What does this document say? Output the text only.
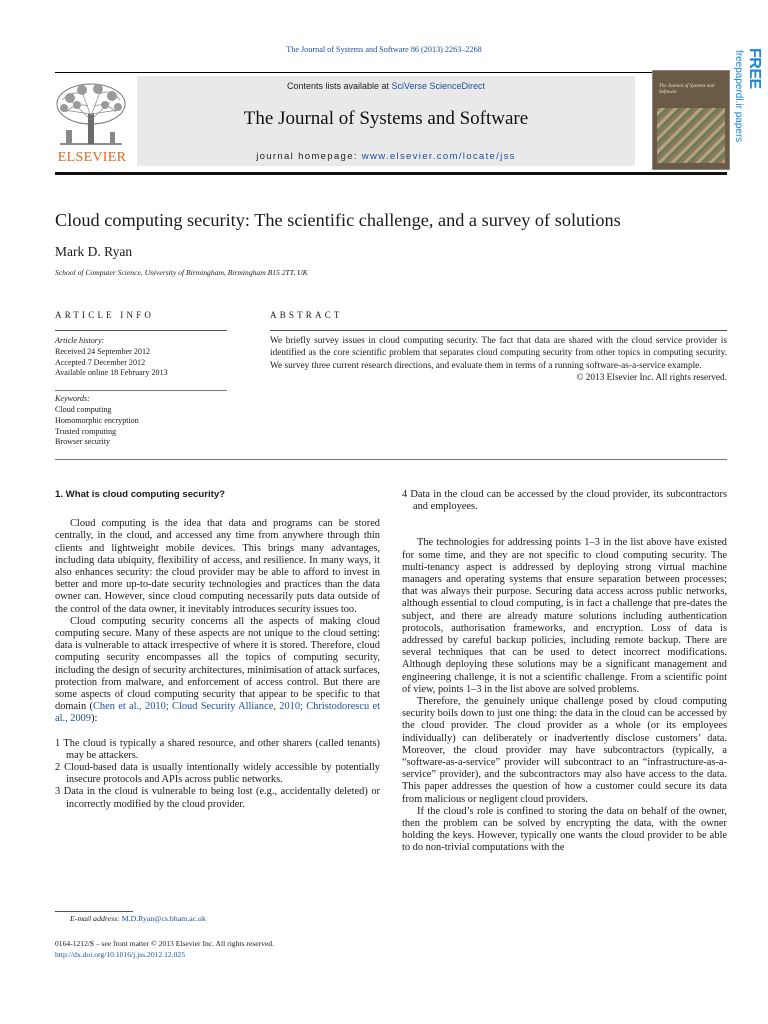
The Journal of Systems and Software 86 (2013) 2263–2268
ELSEVIER
Contents lists available at SciVerse ScienceDirect
The Journal of Systems and Software
journal homepage: www.elsevier.com/locate/jss
The Journal of Systems and Software	freepaperdl.ir papers FREE
Cloud computing security: The scientific challenge, and a survey of solutions
Mark D. Ryan
School of Computer Science, University of Birmingham, Birmingham B15 2TT, UK
ARTICLE INFO	ABSTRACT
Article history:
Received 24 September 2012
Accepted 7 December 2012
Available online 18 February 2013
Keywords:
Cloud computing
Homomorphic encryption
Trusted computing
Browser security
We briefly survey issues in cloud computing security. The fact that data are shared with the cloud service provider is identified as the core scientific problem that separates cloud computing security from other topics in computing security. We survey three current research directions, and evaluate them in terms of a running software-as-a-service example.
© 2013 Elsevier Inc. All rights reserved.

1. What is cloud computing security?

Cloud computing is the idea that data and programs can be stored centrally, in the cloud, and accessed any time from anywhere through thin clients and lightweight mobile devices. This brings many advantages, including data ubiquity, flexibility of access, and resilience. In many ways, it also enhances security: the cloud provider may be able to afford to invest in better and more up-to-date security technologies and practices than the data owner can. However, since cloud computing necessarily puts data outside of the control of the data owner, it inevitably introduces security issues too.

Cloud computing security concerns all the aspects of making cloud computing secure. Many of these aspects are not unique to the cloud setting: data is vulnerable to attack irrespective of where it is stored. Therefore, cloud computing security encompasses all the topics of computing security, including the design of security architectures, minimisation of attack surfaces, protection from malware, and enforcement of access control. But there are some aspects of cloud computing security that appear to be specific to that domain (Chen et al., 2010; Cloud Security Alliance, 2010; Christodorescu et al., 2009):

1 The cloud is typically a shared resource, and other sharers (called tenants) may be attackers.

2 Cloud-based data is usually intentionally widely accessible by potentially insecure protocols and APIs across public networks.

3 Data in the cloud is vulnerable to being lost (e.g., accidentally deleted) or incorrectly modified by the cloud provider.

4 Data in the cloud can be accessed by the cloud provider, its subcontractors and employees.

The technologies for addressing points 1–3 in the list above have existed for some time, and they are not specific to cloud computing security. The multi-tenancy aspect is addressed by deploying strong virtual machine managers and operating systems that ensure separation between processes; that was always their purpose. Securing data access across public networks, although essential to cloud computing, is in fact a challenge that pre-dates the subject, and there are already mature solutions including authentication protocols, authorisation frameworks, and encryption. Loss of data is addressed by careful backup policies, including remote backup. There are several techniques that can be used to detect incorrect modifications. Although deploying these solutions may be a significant management and engineering challenge, it is not a scientific challenge. From a scientific point of view, points 1–3 in the list above are solved problems.

Therefore, the genuinely unique challenge posed by cloud computing security boils down to just one thing: the data in the cloud can be accessed by the cloud provider. The cloud provider as a whole (or its employees individually) can deliberately or inadvertently disclose customers’ data. Moreover, the cloud provider may have subcontractors (typically, a “software-as-a-service” provider will subcontract to an “infrastructure-as-a-service” provider), and the subcontractors may also have access to the data. This paper addresses the question of how a customer could secure its data from malicious or negligent cloud providers.

If the cloud’s role is confined to storing the data on behalf of the owner, then the problem can be solved by encrypting the data, with the owner holding the keys. However, typically one wants the cloud provider to be able to do non-trivial computations with the

E-mail address: M.D.Ryan@cs.bham.ac.uk
0164-1212/$ – see front matter © 2013 Elsevier Inc. All rights reserved.
http://dx.doi.org/10.1016/j.jss.2012.12.025
